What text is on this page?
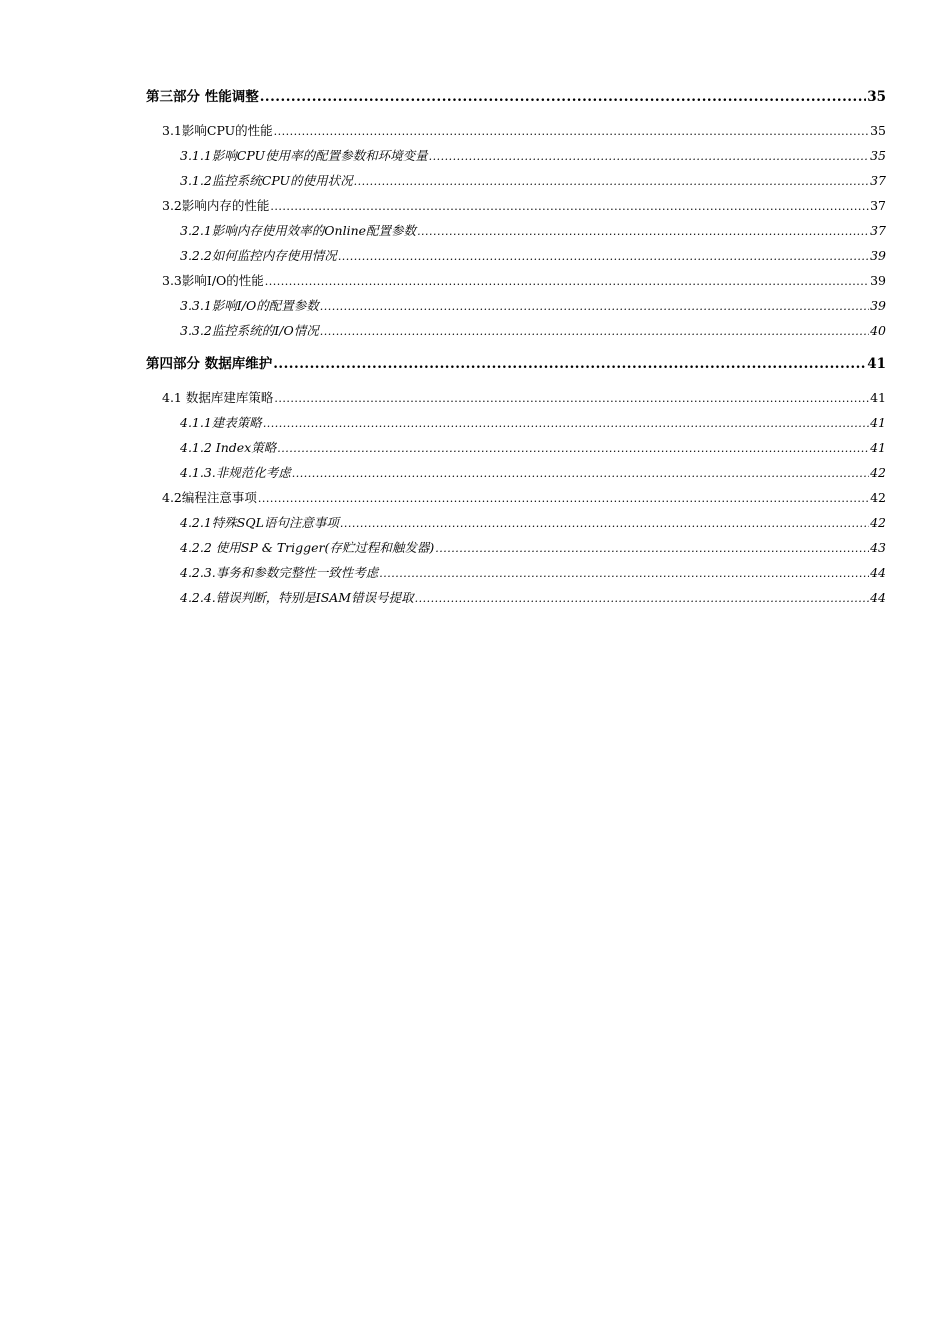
第三部分 性能调整 .....	35
3.1影响CPU的性能 .....	35
3.1.1影响CPU使用率的配置参数和环境变量 .....	35
3.1.2监控系统CPU的使用状况 .....	37
3.2影响内存的性能 .....	37
3.2.1影响内存使用效率的Online配置参数 .....	37
3.2.2如何监控内存使用情况 .....	39
3.3影响I/O的性能 .....	39
3.3.1影响I/O的配置参数 .....	39
3.3.2监控系统的I/O情况 .....	40
第四部分 数据库维护 .....	41
4.1 数据库建库策略 .....	41
4.1.1建表策略 .....	41
4.1.2 Index策略 .....	41
4.1.3.非规范化考虑 .....	42
4.2编程注意事项 .....	42
4.2.1特殊SQL语句注意事项 .....	42
4.2.2 使用SP & Trigger(存贮过程和触发器) .....	43
4.2.3.事务和参数完整性一致性考虑 .....	44
4.2.4.错误判断，特别是ISAM错误号提取 .....	44
